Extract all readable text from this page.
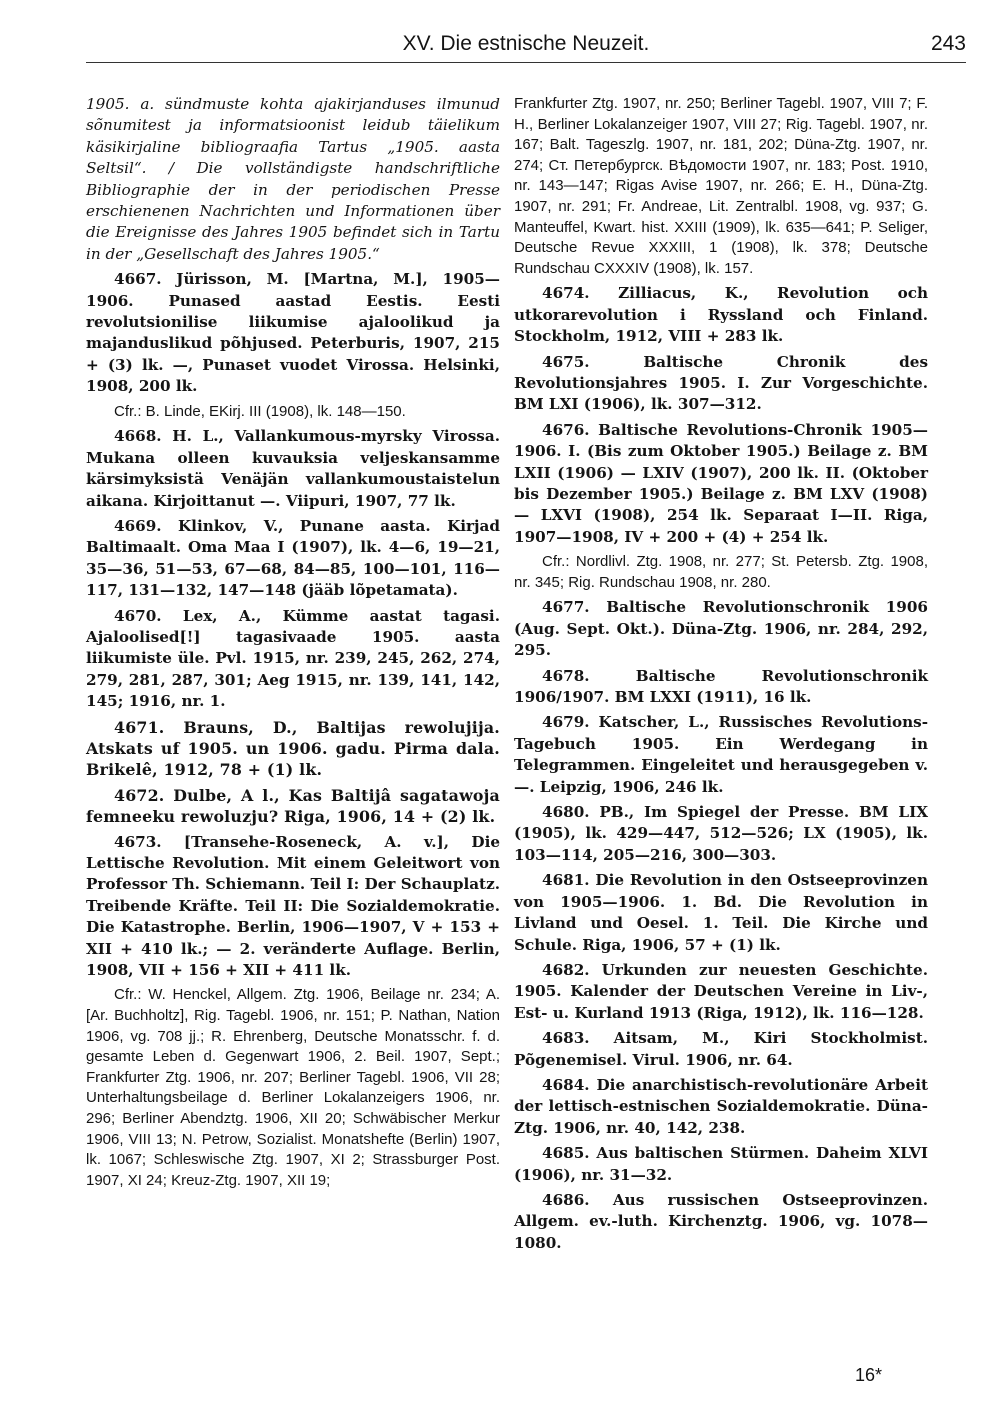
XV. Die estnische Neuzeit.	243

1905. a. sündmuste kohta ajakirjanduses ilmunud sõnumitest ja informatsioonist leidub täielikum käsikirjaline bibliograafia Tartus „1905. aasta Seltsil“. / Die vollständigste handschriftliche Bibliographie der in der periodischen Presse erschienenen Nachrichten und Informationen über die Ereignisse des Jahres 1905 befindet sich in Tartu in der „Gesellschaft des Jahres 1905.“

4667. Jürisson, M. [Martna, M.], 1905—1906. Punased aastad Eestis. Eesti revolutsionilise liikumise ajaloolikud ja majanduslikud põhjused. Peterburis, 1907, 215 + (3) lk. —, Punaset vuodet Virossa. Helsinki, 1908, 200 lk.

Cfr.: B. Linde, EKirj. III (1908), lk. 148—150.

4668. H. L., Vallankumous-myrsky Virossa. Mukana olleen kuvauksia veljeskansamme kärsimyksistä Venäjän vallankumoustaistelun aikana. Kirjoittanut —. Viipuri, 1907, 77 lk.

4669. Klinkov, V., Punane aasta. Kirjad Baltimaalt. Oma Maa I (1907), lk. 4—6, 19—21, 35—36, 51—53, 67—68, 84—85, 100—101, 116—117, 131—132, 147—148 (jääb lõpetamata).

4670. Lex, A., Kümme aastat tagasi. Ajaloolised[!] tagasivaade 1905. aasta liikumiste üle. Pvl. 1915, nr. 239, 245, 262, 274, 279, 281, 287, 301; Aeg 1915, nr. 139, 141, 142, 145; 1916, nr. 1.

4671. Brauns, D., Baltijas rewolujija. Atskats uf 1905. un 1906. gadu. Pirma dala. Brikelê, 1912, 78 + (1) lk.

4672. Dulbe, A l., Kas Baltijâ sagatawoja femneeku rewoluzju? Riga, 1906, 14 + (2) lk.

4673. [Transehe-Roseneck, A. v.], Die Lettische Revolution. Mit einem Geleitwort von Professor Th. Schiemann. Teil I: Der Schauplatz. Treibende Kräfte. Teil II: Die Sozialdemokratie. Die Katastrophe. Berlin, 1906—1907, V + 153 + XII + 410 lk.; — 2. veränderte Auflage. Berlin, 1908, VII + 156 + XII + 411 lk.

Cfr.: W. Henckel, Allgem. Ztg. 1906, Beilage nr. 234; A. [Ar. Buchholtz], Rig. Tagebl. 1906, nr. 151; P. Nathan, Nation 1906, vg. 708 jj.; R. Ehrenberg, Deutsche Monatsschr. f. d. gesamte Leben d. Gegenwart 1906, 2. Beil. 1907, Sept.; Frankfurter Ztg. 1906, nr. 207; Berliner Tagebl. 1906, VII 28; Unterhaltungsbeilage d. Berliner Lokalanzeigers 1906, nr. 296; Berliner Abendztg. 1906, XII 20; Schwäbischer Merkur 1906, VIII 13; N. Petrow, Sozialist. Monatshefte (Berlin) 1907, lk. 1067; Schleswische Ztg. 1907, XI 2; Strassburger Post. 1907, XI 24; Kreuz-Ztg. 1907, XII 19;

Frankfurter Ztg. 1907, nr. 250; Berliner Tagebl. 1907, VIII 7; F. H., Berliner Lokalanzeiger 1907, VIII 27; Rig. Tagebl. 1907, nr. 167; Balt. Tageszlg. 1907, nr. 181, 202; Düna-Ztg. 1907, nr. 274; Ст. Петербургск. Вѣдомости 1907, nr. 183; Post. 1910, nr. 143—147; Rigas Avise 1907, nr. 266; E. H., Düna-Ztg. 1907, nr. 291; Fr. Andreae, Lit. Zentralbl. 1908, vg. 937; G. Manteuffel, Kwart. hist. XXIII (1909), lk. 635—641; P. Seliger, Deutsche Revue XXXIII, 1 (1908), lk. 378; Deutsche Rundschau CXXXIV (1908), lk. 157.

4674. Zilliacus, K., Revolution och utkorarevolution i Ryssland och Finland. Stockholm, 1912, VIII + 283 lk.

4675. Baltische Chronik des Revolutionsjahres 1905. I. Zur Vorgeschichte. BM LXI (1906), lk. 307—312.

4676. Baltische Revolutions-Chronik 1905—1906. I. (Bis zum Oktober 1905.) Beilage z. BM LXII (1906) — LXIV (1907), 200 lk. II. (Oktober bis Dezember 1905.) Beilage z. BM LXV (1908) — LXVI (1908), 254 lk. Separaat I—II. Riga, 1907—1908, IV + 200 + (4) + 254 lk.

Cfr.: Nordlivl. Ztg. 1908, nr. 277; St. Petersb. Ztg. 1908, nr. 345; Rig. Rundschau 1908, nr. 280.

4677. Baltische Revolutionschronik 1906 (Aug. Sept. Okt.). Düna-Ztg. 1906, nr. 284, 292, 295.

4678. Baltische Revolutionschronik 1906/1907. BM LXXI (1911), 16 lk.

4679. Katscher, L., Russisches Revolutions-Tagebuch 1905. Ein Werdegang in Telegrammen. Eingeleitet und herausgegeben v. —. Leipzig, 1906, 246 lk.

4680. PB., Im Spiegel der Presse. BM LIX (1905), lk. 429—447, 512—526; LX (1905), lk. 103—114, 205—216, 300—303.

4681. Die Revolution in den Ostseeprovinzen von 1905—1906. 1. Bd. Die Revolution in Livland und Oesel. 1. Teil. Die Kirche und Schule. Riga, 1906, 57 + (1) lk.

4682. Urkunden zur neuesten Geschichte. 1905. Kalender der Deutschen Vereine in Liv-, Est- u. Kurland 1913 (Riga, 1912), lk. 116—128.

4683. Aitsam, M., Kiri Stockholmist. Põgenemisel. Virul. 1906, nr. 64.

4684. Die anarchistisch-revolutionäre Arbeit der lettisch-estnischen Sozialdemokratie. Düna-Ztg. 1906, nr. 40, 142, 238.

4685. Aus baltischen Stürmen. Daheim XLVI (1906), nr. 31—32.

4686. Aus russischen Ostseeprovinzen. Allgem. ev.-luth. Kirchenztg. 1906, vg. 1078—1080.

16*
